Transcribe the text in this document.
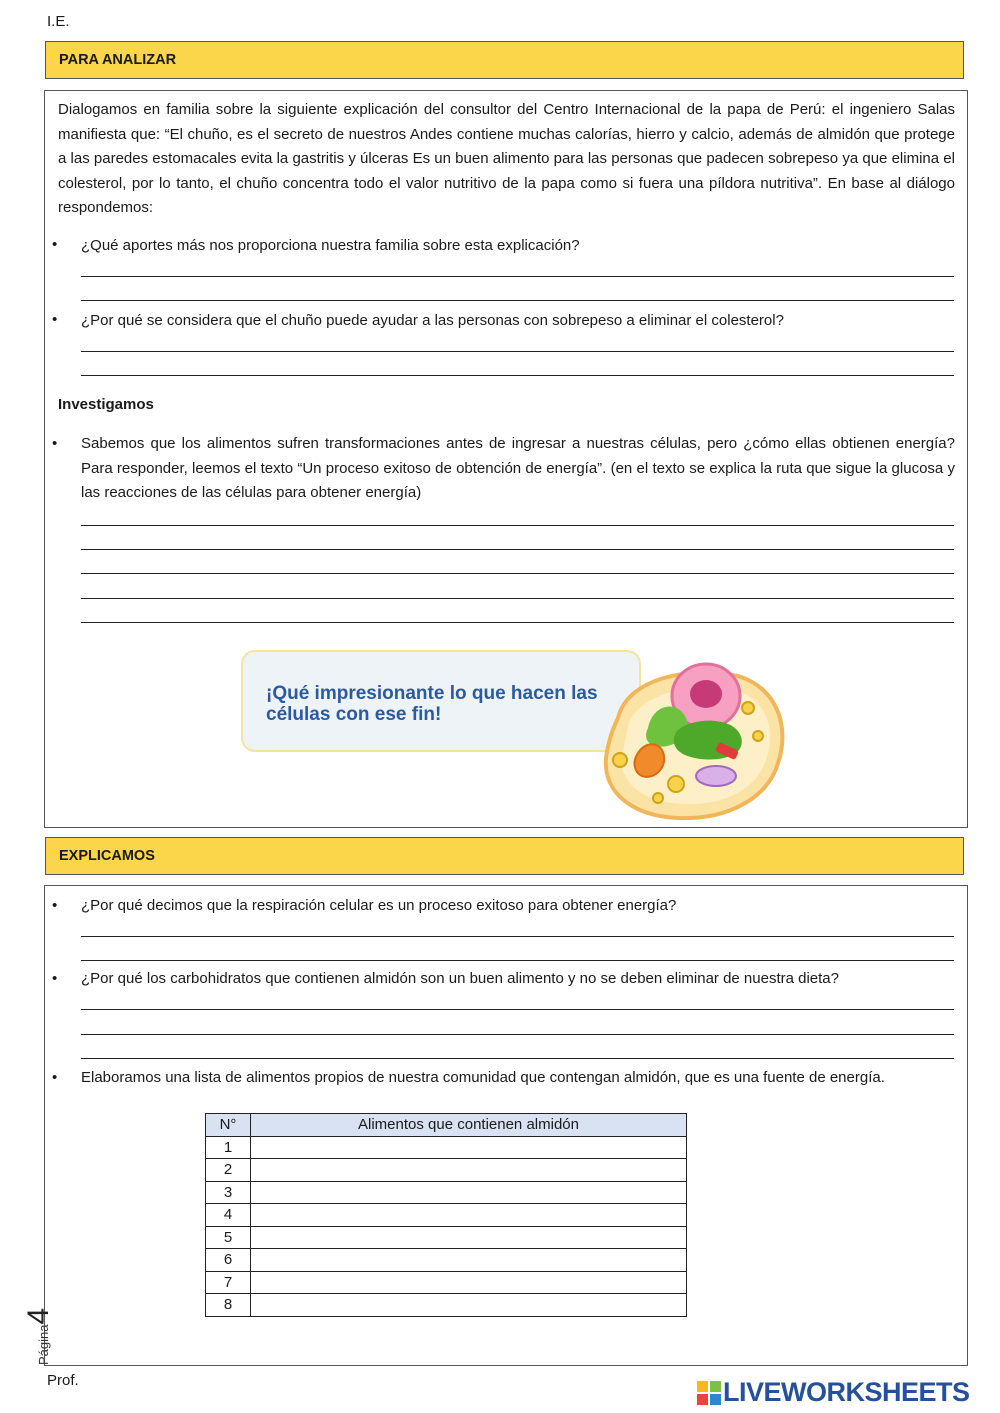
I.E.
PARA ANALIZAR
Dialogamos en familia sobre la siguiente explicación del consultor del Centro Internacional de la papa de Perú: el ingeniero Salas manifiesta que: “El chuño, es el secreto de nuestros Andes contiene muchas calorías, hierro y calcio, además de almidón que protege a las paredes estomacales evita la gastritis y úlceras Es un buen alimento para las personas que padecen sobrepeso ya que elimina el colesterol, por lo tanto, el chuño concentra todo el valor nutritivo de la papa como si fuera una píldora nutritiva”. En base al diálogo respondemos:
• ¿Qué aportes más nos proporciona nuestra familia sobre esta explicación?
• ¿Por qué se considera que el chuño puede ayudar a las personas con sobrepeso a eliminar el colesterol?
Investigamos
• Sabemos que los alimentos sufren transformaciones antes de ingresar a nuestras células, pero ¿cómo ellas obtienen energía? Para responder, leemos el texto “Un proceso exitoso de obtención de energía”. (en el texto se explica la ruta que sigue la glucosa y las reacciones de las células para obtener energía)
¡Qué impresionante lo que hacen las células con ese fin!
EXPLICAMOS
• ¿Por qué decimos que la respiración celular es un proceso exitoso para obtener energía?
• ¿Por qué los carbohidratos que contienen almidón son un buen alimento y no se deben eliminar de nuestra dieta?
• Elaboramos una lista de alimentos propios de nuestra comunidad que contengan almidón, que es una fuente de energía.
N°	Alimentos que contienen almidón
1	
2	
3	
4	
5	
6	
7	
8	
Página4
Prof.	LIVEWORKSHEETS
